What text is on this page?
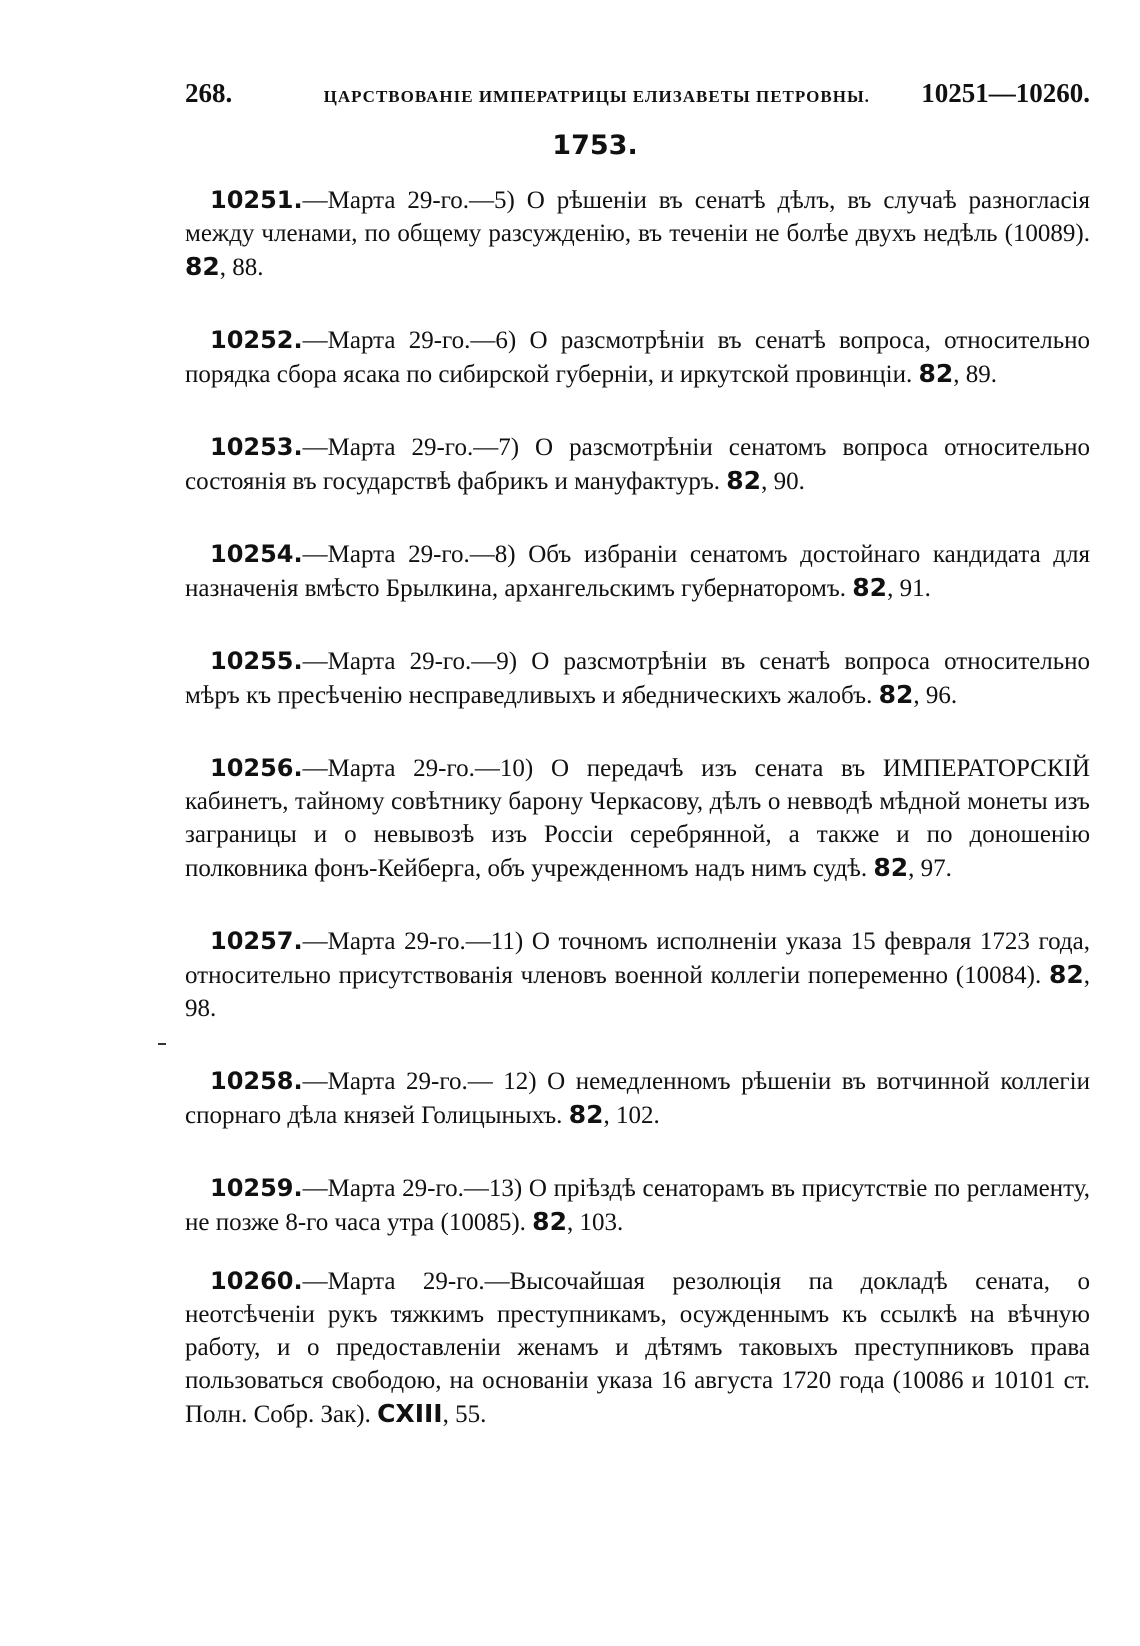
268.	ЦАРСТВОВАНІЕ ИМПЕРАТРИЦЫ ЕЛИЗАВЕТЫ ПЕТРОВНЫ. 10251—10260.
1753.

10251.—Марта 29-го.—5) О рѣшеніи въ сенатѣ дѣлъ, въ случаѣ разногласія между членами, по общему разсужденію, въ теченіи не болѣе двухъ недѣль (10089). 82, 88.

10252.—Марта 29-го.—6) О разсмотрѣніи въ сенатѣ вопроса, относительно порядка сбора ясака по сибирской губерніи, и иркутской провинціи. 82, 89.

10253.—Марта 29-го.—7) О разсмотрѣніи сенатомъ вопроса относительно состоянія въ государствѣ фабрикъ и мануфактуръ. 82, 90.

10254.—Марта 29-го.—8) Объ избраніи сенатомъ достойнаго кандидата для назначенія вмѣсто Брылкина, архангельскимъ губернаторомъ. 82, 91.

10255.—Марта 29-го.—9) О разсмотрѣніи въ сенатѣ вопроса относительно мѣръ къ пресѣченію несправедливыхъ и ябедническихъ жалобъ. 82, 96.

10256.—Марта 29-го.—10) О передачѣ изъ сената въ ИМПЕРАТОРСКІЙ кабинетъ, тайному совѣтнику барону Черкасову, дѣлъ о невводѣ мѣдной монеты изъ заграницы и о невывозѣ изъ Россіи серебрянной, а также и по доношенію полковника фонъ-Кейберга, объ учрежденномъ надъ нимъ судѣ. 82, 97.

10257.—Марта 29-го.—11) О точномъ исполненіи указа 15 февраля 1723 года, относительно присутствованія членовъ военной коллегіи попеременно (10084). 82, 98.

10258.—Марта 29-го.— 12) О немедленномъ рѣшеніи въ вотчинной коллегіи спорнаго дѣла князей Голицыныхъ. 82, 102.

10259.—Марта 29-го.—13) О пріѣздѣ сенаторамъ въ присутствіе по регламенту, не позже 8-го часа утра (10085). 82, 103.

10260.—Марта 29-го.—Высочайшая резолюція па докладѣ сената, о неотсѣченіи рукъ тяжкимъ преступникамъ, осужденнымъ къ ссылкѣ на вѣчную работу, и о предоставленіи женамъ и дѣтямъ таковыхъ преступниковъ права пользоваться свободою, на основаніи указа 16 августа 1720 года (10086 и 10101 ст. Полн. Собр. Зак). CXIII, 55.
